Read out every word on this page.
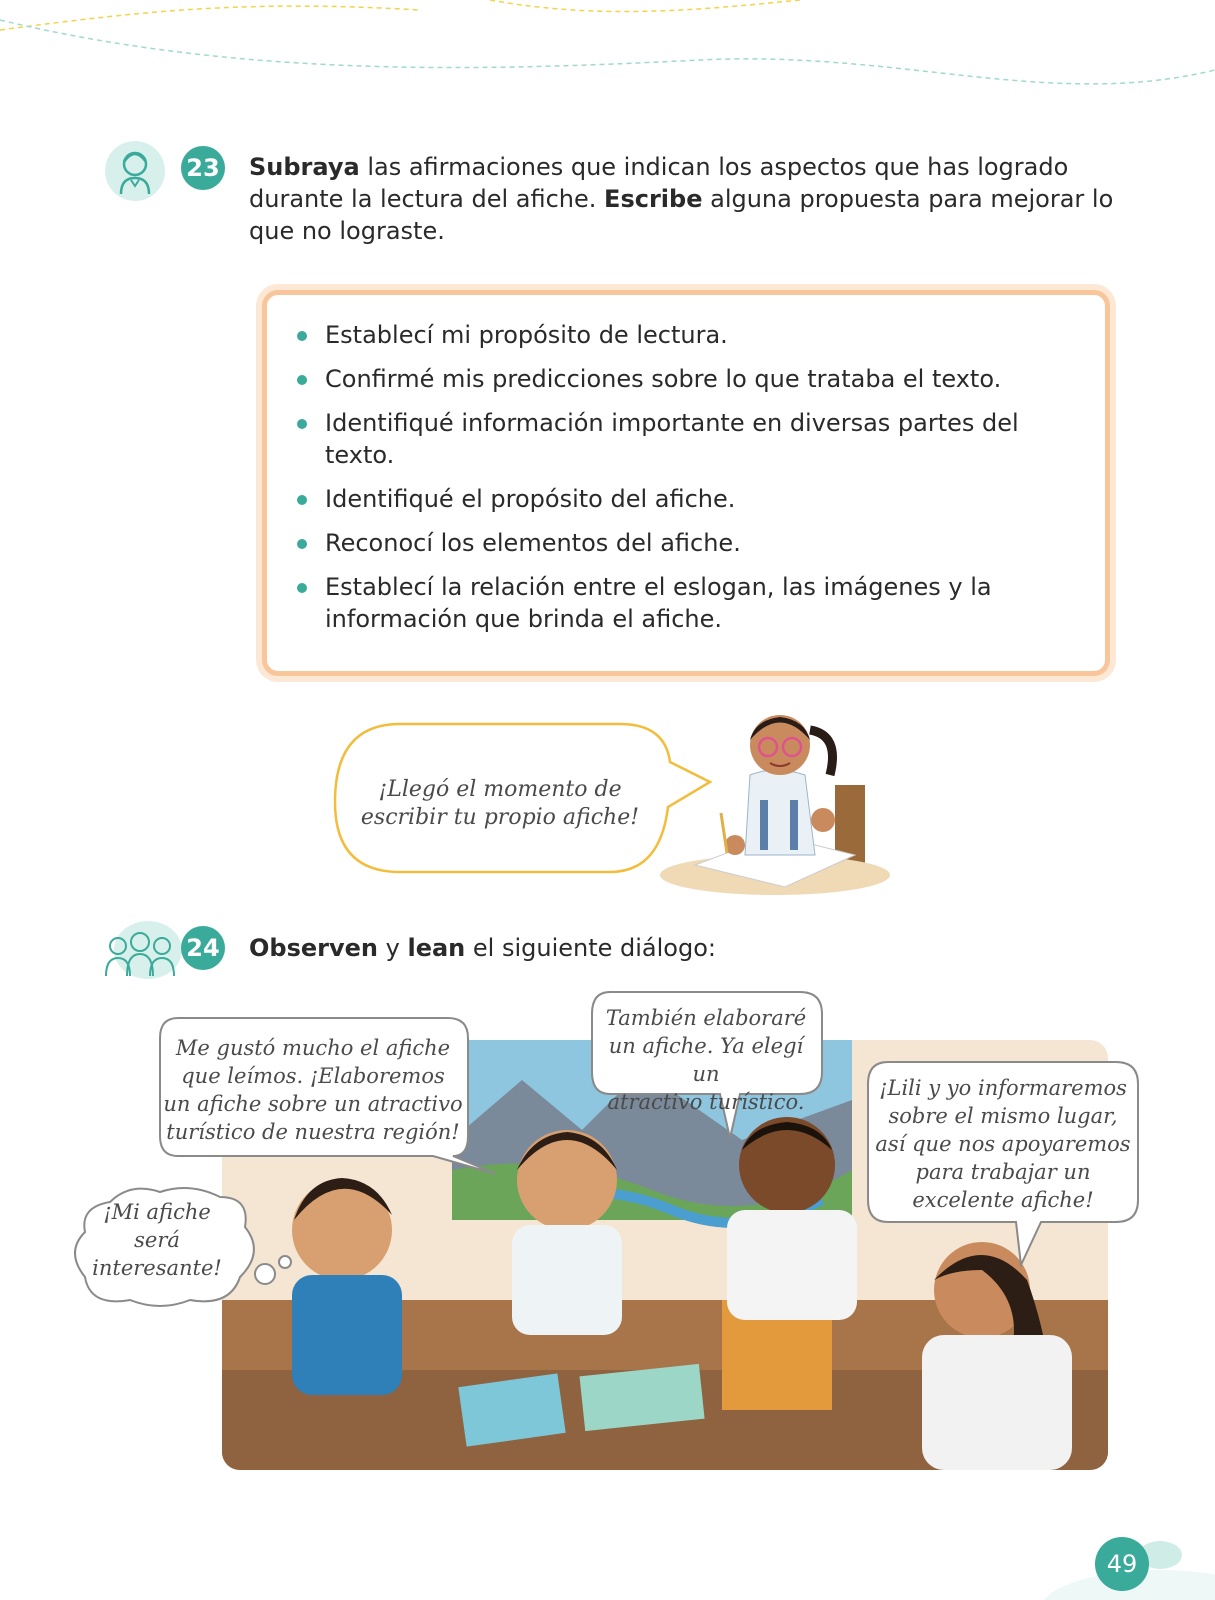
23 Subraya las afirmaciones que indican los aspectos que has logrado durante la lectura del afiche. Escribe alguna propuesta para mejorar lo que no lograste.
Establecí mi propósito de lectura.
Confirmé mis predicciones sobre lo que trataba el texto.
Identifiqué información importante en diversas partes del texto.
Identifiqué el propósito del afiche.
Reconocí los elementos del afiche.
Establecí la relación entre el eslogan, las imágenes y la información que brinda el afiche.
¡Llegó el momento de
escribir tu propio afiche!
24 Observen y lean el siguiente diálogo:
Me gustó mucho el afiche
que leímos. ¡Elaboremos
un afiche sobre un atractivo
turístico de nuestra región!
¡Mi afiche
será
interesante!
También elaboraré
un afiche. Ya elegí un
atractivo turístico.
¡Lili y yo informaremos
sobre el mismo lugar,
así que nos apoyaremos
para trabajar un
excelente afiche!
49
